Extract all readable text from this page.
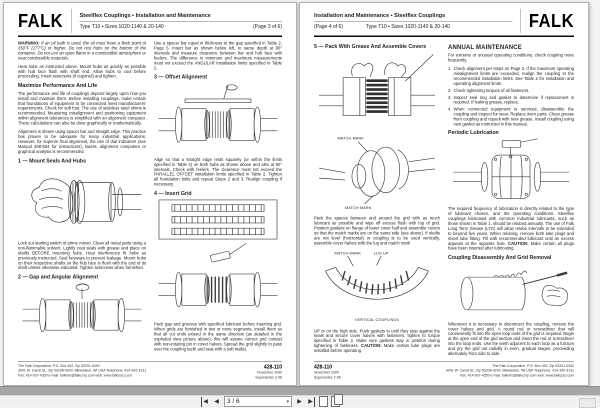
FALK Steelflex Couplings ▪ Installation and Maintenance
Type T10 ▪ Sizes 1020-1140 & 20-140	(Page 3 of 6)

WARNING: If an oil bath is used, the oil must have a flash point of 350°F (177°C) or higher. Do not rest hubs on the bottom of the container. Do not use an open flame in a combustible atmosphere or near combustible materials.

Heat hubs as instructed above. Mount hubs as quickly as possible with hub face flush with shaft end. Allow hubs to cool before proceeding. Insert setscrews (if required) and tighten.

Maximize Performance And Life

The performance and life of couplings depend largely upon how you install and maintain them. Before installing couplings, make certain that foundations of equipment to be connected meet manufacturers' requirements. Check for soft foot. The use of stainless steel shims is recommended. Measuring misalignment and positioning equipment within alignment tolerances is simplified with an alignment computer. These calculations can also be done graphically or mathematically.

Alignment is shown using spacer bar and straight edge. This practice has proven to be adequate for many industrial applications. However, for superior final alignment, the use of dial indicators (see Manual 458-834 for instructions), lasers, alignment computers or graphical analysis is recommended.

1 — Mount Seals And Hubs

Lock out starting switch of prime mover. Clean all metal parts using a non-flammable solvent. Lightly coat seals with grease and place on shafts BEFORE mounting hubs. Heat interference fit hubs as previously instructed. Seal keyways to prevent leakage. Mount hubs on their respective shafts so the hub face is flush with the end of its shaft unless otherwise indicated. Tighten setscrews when furnished.

2 — Gap and Angular Alignment

Use a spacer bar equal in thickness to the gap specified in Table 2, Page 5. Insert bar as shown below left, to same depth at 90° intervals and measure clearance between bar and hub face with feelers. The difference in minimum and maximum measurements must not exceed the ANGULAR installation limits specified in Table 2.

3 — Offset Alignment

Align so that a straight edge rests squarely (or within the limits specified in Table 2) on both hubs as shown above and also at 90° intervals. Check with feelers. The clearance must not exceed the PARALLEL OFFSET installation limits specified in Table 2. Tighten all foundation bolts and repeat Steps 2 and 3. Realign coupling if necessary.

4 — Insert Grid

Pack gap and grooves with specified lubricant before inserting grid. When grids are furnished in two or more segments, install them so that all cut ends extend in the same direction (as detailed in the exploded view picture above); this will assure correct grid contact with non-rotating pin in cover halves. Spread the grid slightly to pass over the coupling teeth and seat with a soft mallet.

The Falk Corporation, P.O. Box 492, Zip 53201-0492
3001 W. Canal St., Zip 53208-4200, Milwaukee, WI USA Telephone: 414-342-3131
Fax: 414-937-4359 e-mail: falkinfo@falkcorp.com web: www.falkcorp.com
428-110
November 2000
Supersedes 2-98
Installation and Maintenance ▪ Steelflex Couplings
(Page 4 of 6) Type T10 ▪ Sizes 1020-1140 & 20-140 FALK
5 — Pack With Grease And Assemble Covers
MATCH MARK
MATCH MARK

Pack the spaces between and around the grid with as much lubricant as possible and wipe off excess flush with top of grid. Position gaskets on flange of lower cover half and assemble covers so that the match marks are on the same side (see above). If shafts are not level (horizontal) or coupling is to be used vertically, assemble cover halves with the lug and match mark

MATCH MARK LUG UP
VERTICAL COUPLINGS

UP or on the high side. Push gaskets in until they stop against the seals and secure cover halves with fasteners, tighten to torque specified in Table 2. Make sure gaskets stay in position during tightening of fasteners. CAUTION: Make certain lube plugs are installed before operating.

ANNUAL MAINTENANCE

For extreme or unusual operating conditions, check coupling more frequently.

1. Check alignment per steps on Page 3. If the maximum operating misalignment limits are exceeded, realign the coupling to the recommended installation limits. See Table 2 for installation and operating alignment limits.
2. Check tightening torques of all fasteners.
3. Inspect seal ring and gasket to determine if replacement is required. If leaking grease, replace.
4. When connected equipment is serviced, disassemble the coupling and inspect for wear. Replace worn parts. Clean grease from coupling and repack with new grease. Install coupling using new gasket as instructed in this manual.
Periodic Lubrication

The required frequency of lubrication is directly related to the type of lubricant chosen, and the operating conditions. Steelflex couplings lubricated with common industrial lubricants, such as those shown in Table 1, should be relubed annually. The use of Falk Long Term Grease (LTG) will allow relube intervals to be extended to beyond five years. When relubing, remove both lube plugs and insert lube fitting. Fill with recommended lubricant until an excess appears at the opposite hole. CAUTION: Make certain all plugs have been inserted after lubricating.

Coupling Disassembly And Grid Removal

Whenever it is necessary to disconnect the coupling, remove the cover halves and grid. A round rod or screwdriver that will conveniently fit into the open loop ends of the grid is required. Begin at the open end of the grid section and insert the rod or screwdriver into the loop ends. Use the teeth adjacent to each loop as a fulcrum and pry the grid out radially in even, gradual stages, proceeding alternately from side to side.

428-110
November 2000
Supersedes 2-98
The Falk Corporation, P.O. Box 492, Zip 53201-0492
3001 W. Canal St., Zip 53208-4200, Milwaukee, WI USA Telephone: 414-342-3131
Fax: 414-937-4359 e-mail: falkinfo@falkcorp.com web: www.falkcorp.com
◀ ◀ 3 / 6	▾ ▶ ▶
